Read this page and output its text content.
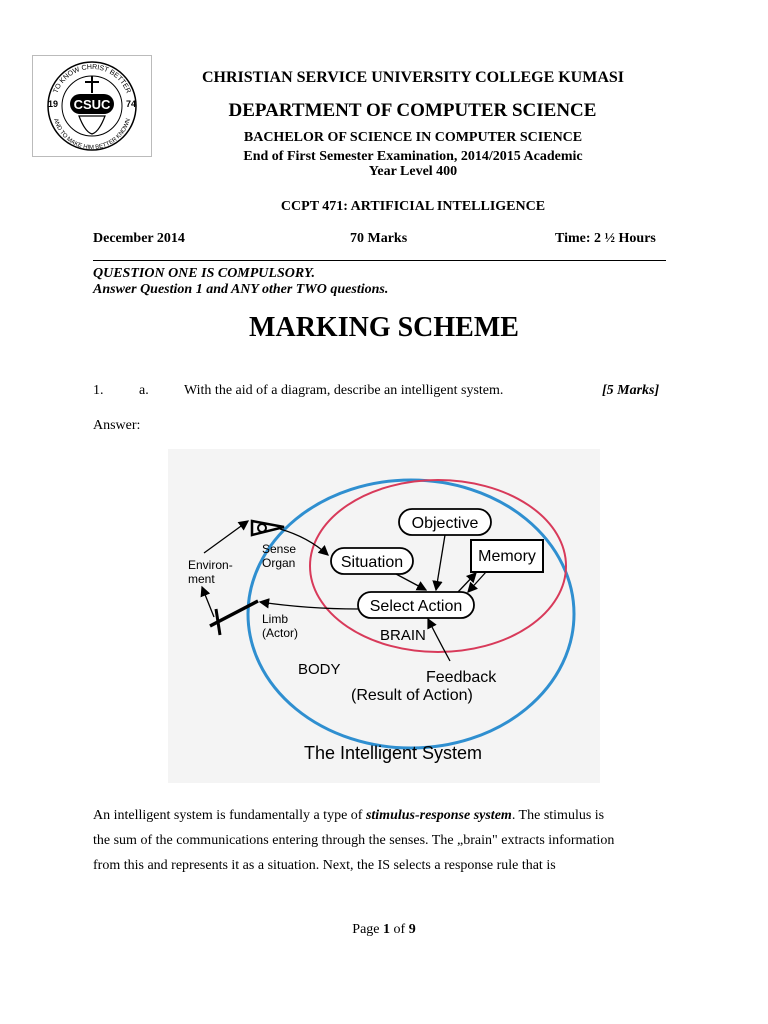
TO KNOW CHRIST BETTER
AND TO MAKE HIM BETTER KNOWN
CSUC
19	74
CHRISTIAN SERVICE UNIVERSITY COLLEGE KUMASI
DEPARTMENT OF COMPUTER SCIENCE
BACHELOR OF SCIENCE IN COMPUTER SCIENCE
End of First Semester Examination, 2014/2015 Academic
Year Level 400
CCPT 471: ARTIFICIAL INTELLIGENCE
December 2014	70 Marks	Time: 2 ½ Hours
QUESTION ONE IS COMPULSORY.
Answer Question 1 and ANY other TWO questions.
MARKING SCHEME
1.	a.	With the aid of a diagram, describe an intelligent system.	[5 Marks]
Answer:
Objective
Situation	Memory
Select Action
Sense
Organ
Environ-
ment
Limb
(Actor)	BRAIN
BODY	Feedback
(Result of Action)
The Intelligent System
An intelligent system is fundamentally a type of stimulus-response system. The stimulus is
the sum of the communications entering through the senses. The „brain" extracts information
from this and represents it as a situation. Next, the IS selects a response rule that is
Page 1 of 9
